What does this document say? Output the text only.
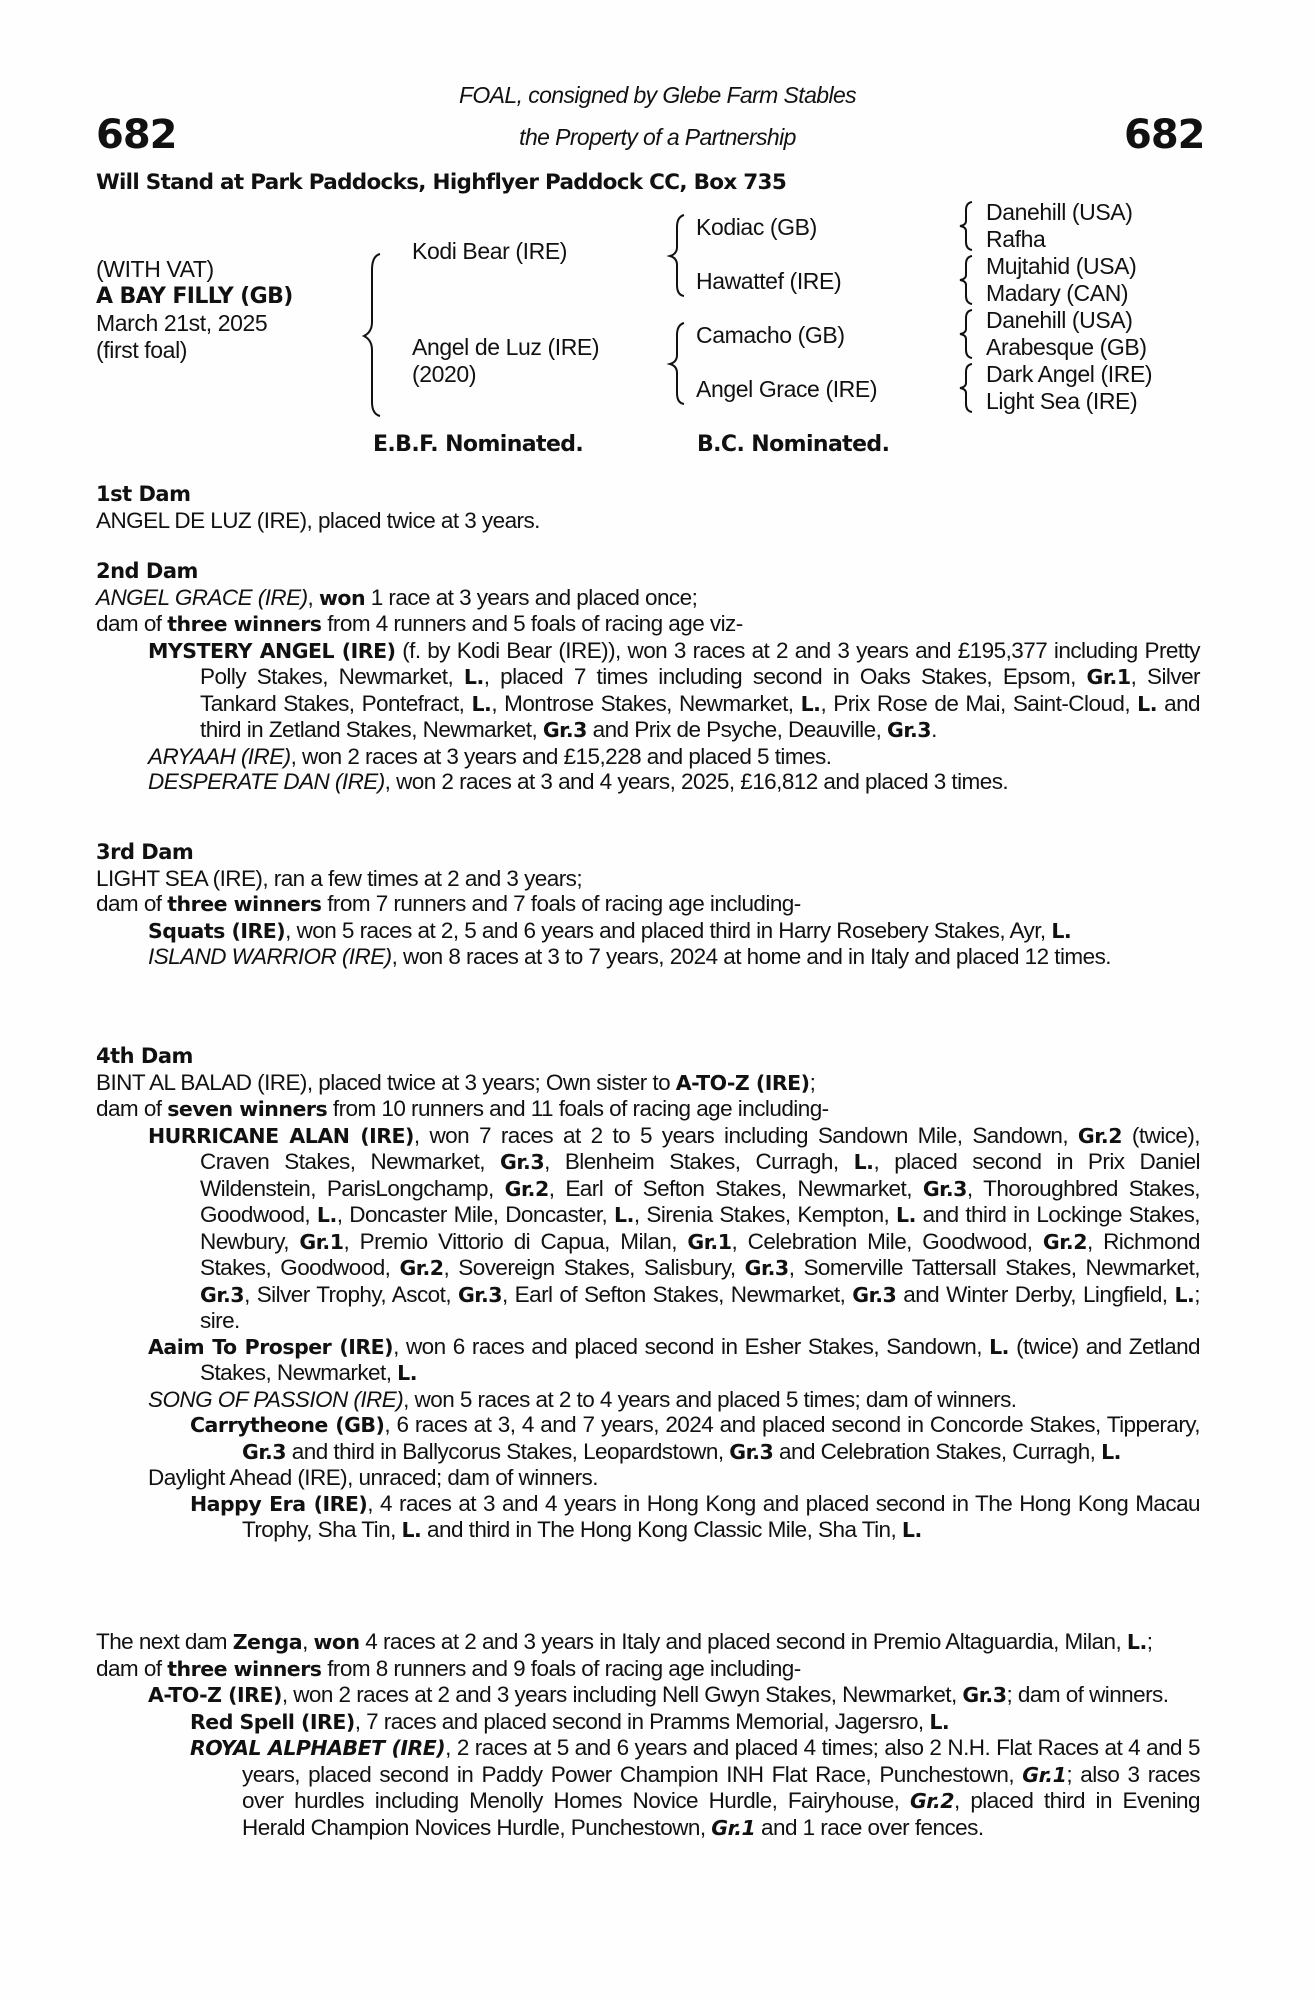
682	682
FOAL, consigned by Glebe Farm Stables
the Property of a Partnership
Will Stand at Park Paddocks, Highflyer Paddock CC, Box 735
(WITH VAT)
A BAY FILLY (GB)
March 21st, 2025
(first foal)
Kodi Bear (IRE)
Angel de Luz (IRE)
(2020)
Kodiac (GB)
Hawattef (IRE)
Camacho (GB)
Angel Grace (IRE)
Danehill (USA)
Rafha
Mujtahid (USA)
Madary (CAN)
Danehill (USA)
Arabesque (GB)
Dark Angel (IRE)
Light Sea (IRE)
E.B.F. Nominated.	B.C. Nominated.
1st Dam
ANGEL DE LUZ (IRE), placed twice at 3 years.
2nd Dam
ANGEL GRACE (IRE), won 1 race at 3 years and placed once;
dam of three winners from 4 runners and 5 foals of racing age viz-
MYSTERY ANGEL (IRE) (f. by Kodi Bear (IRE)), won 3 races at 2 and 3 years and £195,377 including Pretty Polly Stakes, Newmarket, L., placed 7 times including second in Oaks Stakes, Epsom, Gr.1, Silver Tankard Stakes, Pontefract, L., Montrose Stakes, Newmarket, L., Prix Rose de Mai, Saint-Cloud, L. and third in Zetland Stakes, Newmarket, Gr.3 and Prix de Psyche, Deauville, Gr.3.
ARYAAH (IRE), won 2 races at 3 years and £15,228 and placed 5 times.
DESPERATE DAN (IRE), won 2 races at 3 and 4 years, 2025, £16,812 and placed 3 times.
3rd Dam
LIGHT SEA (IRE), ran a few times at 2 and 3 years;
dam of three winners from 7 runners and 7 foals of racing age including-
Squats (IRE), won 5 races at 2, 5 and 6 years and placed third in Harry Rosebery Stakes, Ayr, L.
ISLAND WARRIOR (IRE), won 8 races at 3 to 7 years, 2024 at home and in Italy and placed 12 times.
4th Dam
BINT AL BALAD (IRE), placed twice at 3 years; Own sister to A-TO-Z (IRE);
dam of seven winners from 10 runners and 11 foals of racing age including-
HURRICANE ALAN (IRE), won 7 races at 2 to 5 years including Sandown Mile, Sandown, Gr.2 (twice), Craven Stakes, Newmarket, Gr.3, Blenheim Stakes, Curragh, L., placed second in Prix Daniel Wildenstein, ParisLongchamp, Gr.2, Earl of Sefton Stakes, Newmarket, Gr.3, Thoroughbred Stakes, Goodwood, L., Doncaster Mile, Doncaster, L., Sirenia Stakes, Kempton, L. and third in Lockinge Stakes, Newbury, Gr.1, Premio Vittorio di Capua, Milan, Gr.1, Celebration Mile, Goodwood, Gr.2, Richmond Stakes, Goodwood, Gr.2, Sovereign Stakes, Salisbury, Gr.3, Somerville Tattersall Stakes, Newmarket, Gr.3, Silver Trophy, Ascot, Gr.3, Earl of Sefton Stakes, Newmarket, Gr.3 and Winter Derby, Lingfield, L.; sire.
Aaim To Prosper (IRE), won 6 races and placed second in Esher Stakes, Sandown, L. (twice) and Zetland Stakes, Newmarket, L.
SONG OF PASSION (IRE), won 5 races at 2 to 4 years and placed 5 times; dam of winners.
Carrytheone (GB), 6 races at 3, 4 and 7 years, 2024 and placed second in Concorde Stakes, Tipperary, Gr.3 and third in Ballycorus Stakes, Leopardstown, Gr.3 and Celebration Stakes, Curragh, L.
Daylight Ahead (IRE), unraced; dam of winners.
Happy Era (IRE), 4 races at 3 and 4 years in Hong Kong and placed second in The Hong Kong Macau Trophy, Sha Tin, L. and third in The Hong Kong Classic Mile, Sha Tin, L.
The next dam Zenga, won 4 races at 2 and 3 years in Italy and placed second in Premio Altaguardia, Milan, L.;
dam of three winners from 8 runners and 9 foals of racing age including-
A-TO-Z (IRE), won 2 races at 2 and 3 years including Nell Gwyn Stakes, Newmarket, Gr.3; dam of winners.
Red Spell (IRE), 7 races and placed second in Pramms Memorial, Jagersro, L.
ROYAL ALPHABET (IRE), 2 races at 5 and 6 years and placed 4 times; also 2 N.H. Flat Races at 4 and 5 years, placed second in Paddy Power Champion INH Flat Race, Punchestown, Gr.1; also 3 races over hurdles including Menolly Homes Novice Hurdle, Fairyhouse, Gr.2, placed third in Evening Herald Champion Novices Hurdle, Punchestown, Gr.1 and 1 race over fences.
